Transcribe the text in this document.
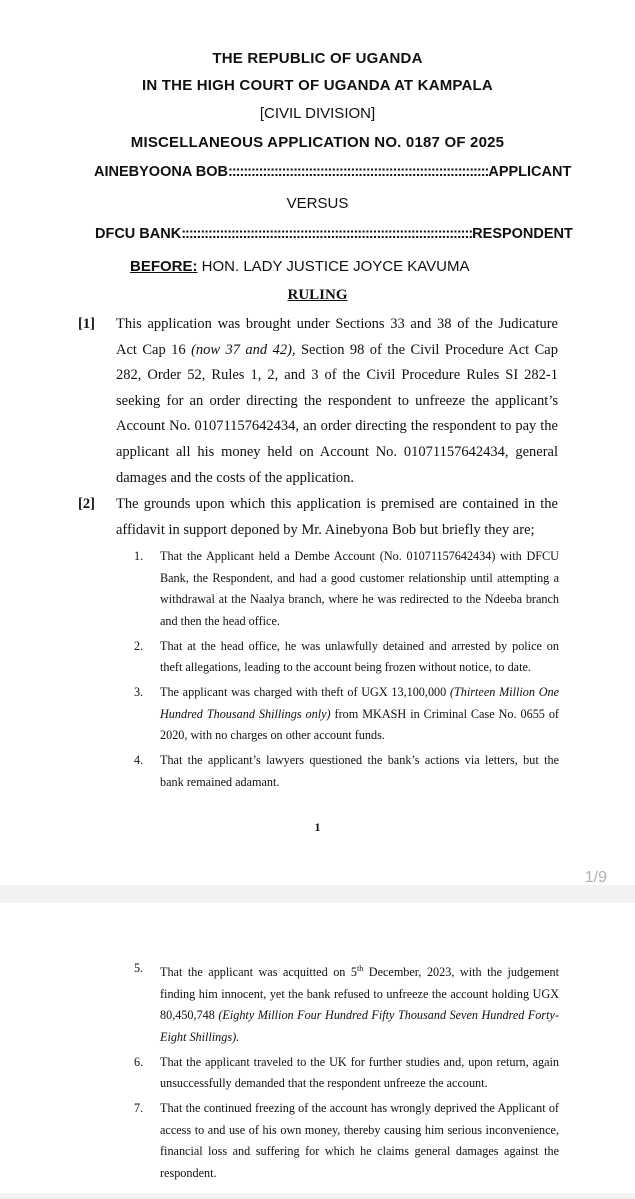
THE REPUBLIC OF UGANDA
IN THE HIGH COURT OF UGANDA AT KAMPALA
[CIVIL DIVISION]
MISCELLANEOUS APPLICATION NO. 0187 OF 2025
AINEBYOONA BOB::::::::::::::::::::::::::::::::::::::::::::::::::::::::::::::::::::APPLICANT
VERSUS
DFCU BANK::::::::::::::::::::::::::::::::::::::::::::::::::::::::::::::::::::::::::::RESPONDENT
BEFORE: HON. LADY JUSTICE JOYCE KAVUMA
RULING
[1] This application was brought under Sections 33 and 38 of the Judicature Act Cap 16 (now 37 and 42), Section 98 of the Civil Procedure Act Cap 282, Order 52, Rules 1, 2, and 3 of the Civil Procedure Rules SI 282-1 seeking for an order directing the respondent to unfreeze the applicant’s Account No. 01071157642434, an order directing the respondent to pay the applicant all his money held on Account No. 01071157642434, general damages and the costs of the application.
[2] The grounds upon which this application is premised are contained in the affidavit in support deponed by Mr. Ainebyona Bob but briefly they are;
1. That the Applicant held a Dembe Account (No. 01071157642434) with DFCU Bank, the Respondent, and had a good customer relationship until attempting a withdrawal at the Naalya branch, where he was redirected to the Ndeeba branch and then the head office.
2. That at the head office, he was unlawfully detained and arrested by police on theft allegations, leading to the account being frozen without notice, to date.
3. The applicant was charged with theft of UGX 13,100,000 (Thirteen Million One Hundred Thousand Shillings only) from MKASH in Criminal Case No. 0655 of 2020, with no charges on other account funds.
4. That the applicant’s lawyers questioned the bank’s actions via letters, but the bank remained adamant.
1
1/9
5. That the applicant was acquitted on 5th December, 2023, with the judgement finding him innocent, yet the bank refused to unfreeze the account holding UGX 80,450,748 (Eighty Million Four Hundred Fifty Thousand Seven Hundred Forty-Eight Shillings).
6. That the applicant traveled to the UK for further studies and, upon return, again unsuccessfully demanded that the respondent unfreeze the account.
7. That the continued freezing of the account has wrongly deprived the Applicant of access to and use of his own money, thereby causing him serious inconvenience, financial loss and suffering for which he claims general damages against the respondent.
